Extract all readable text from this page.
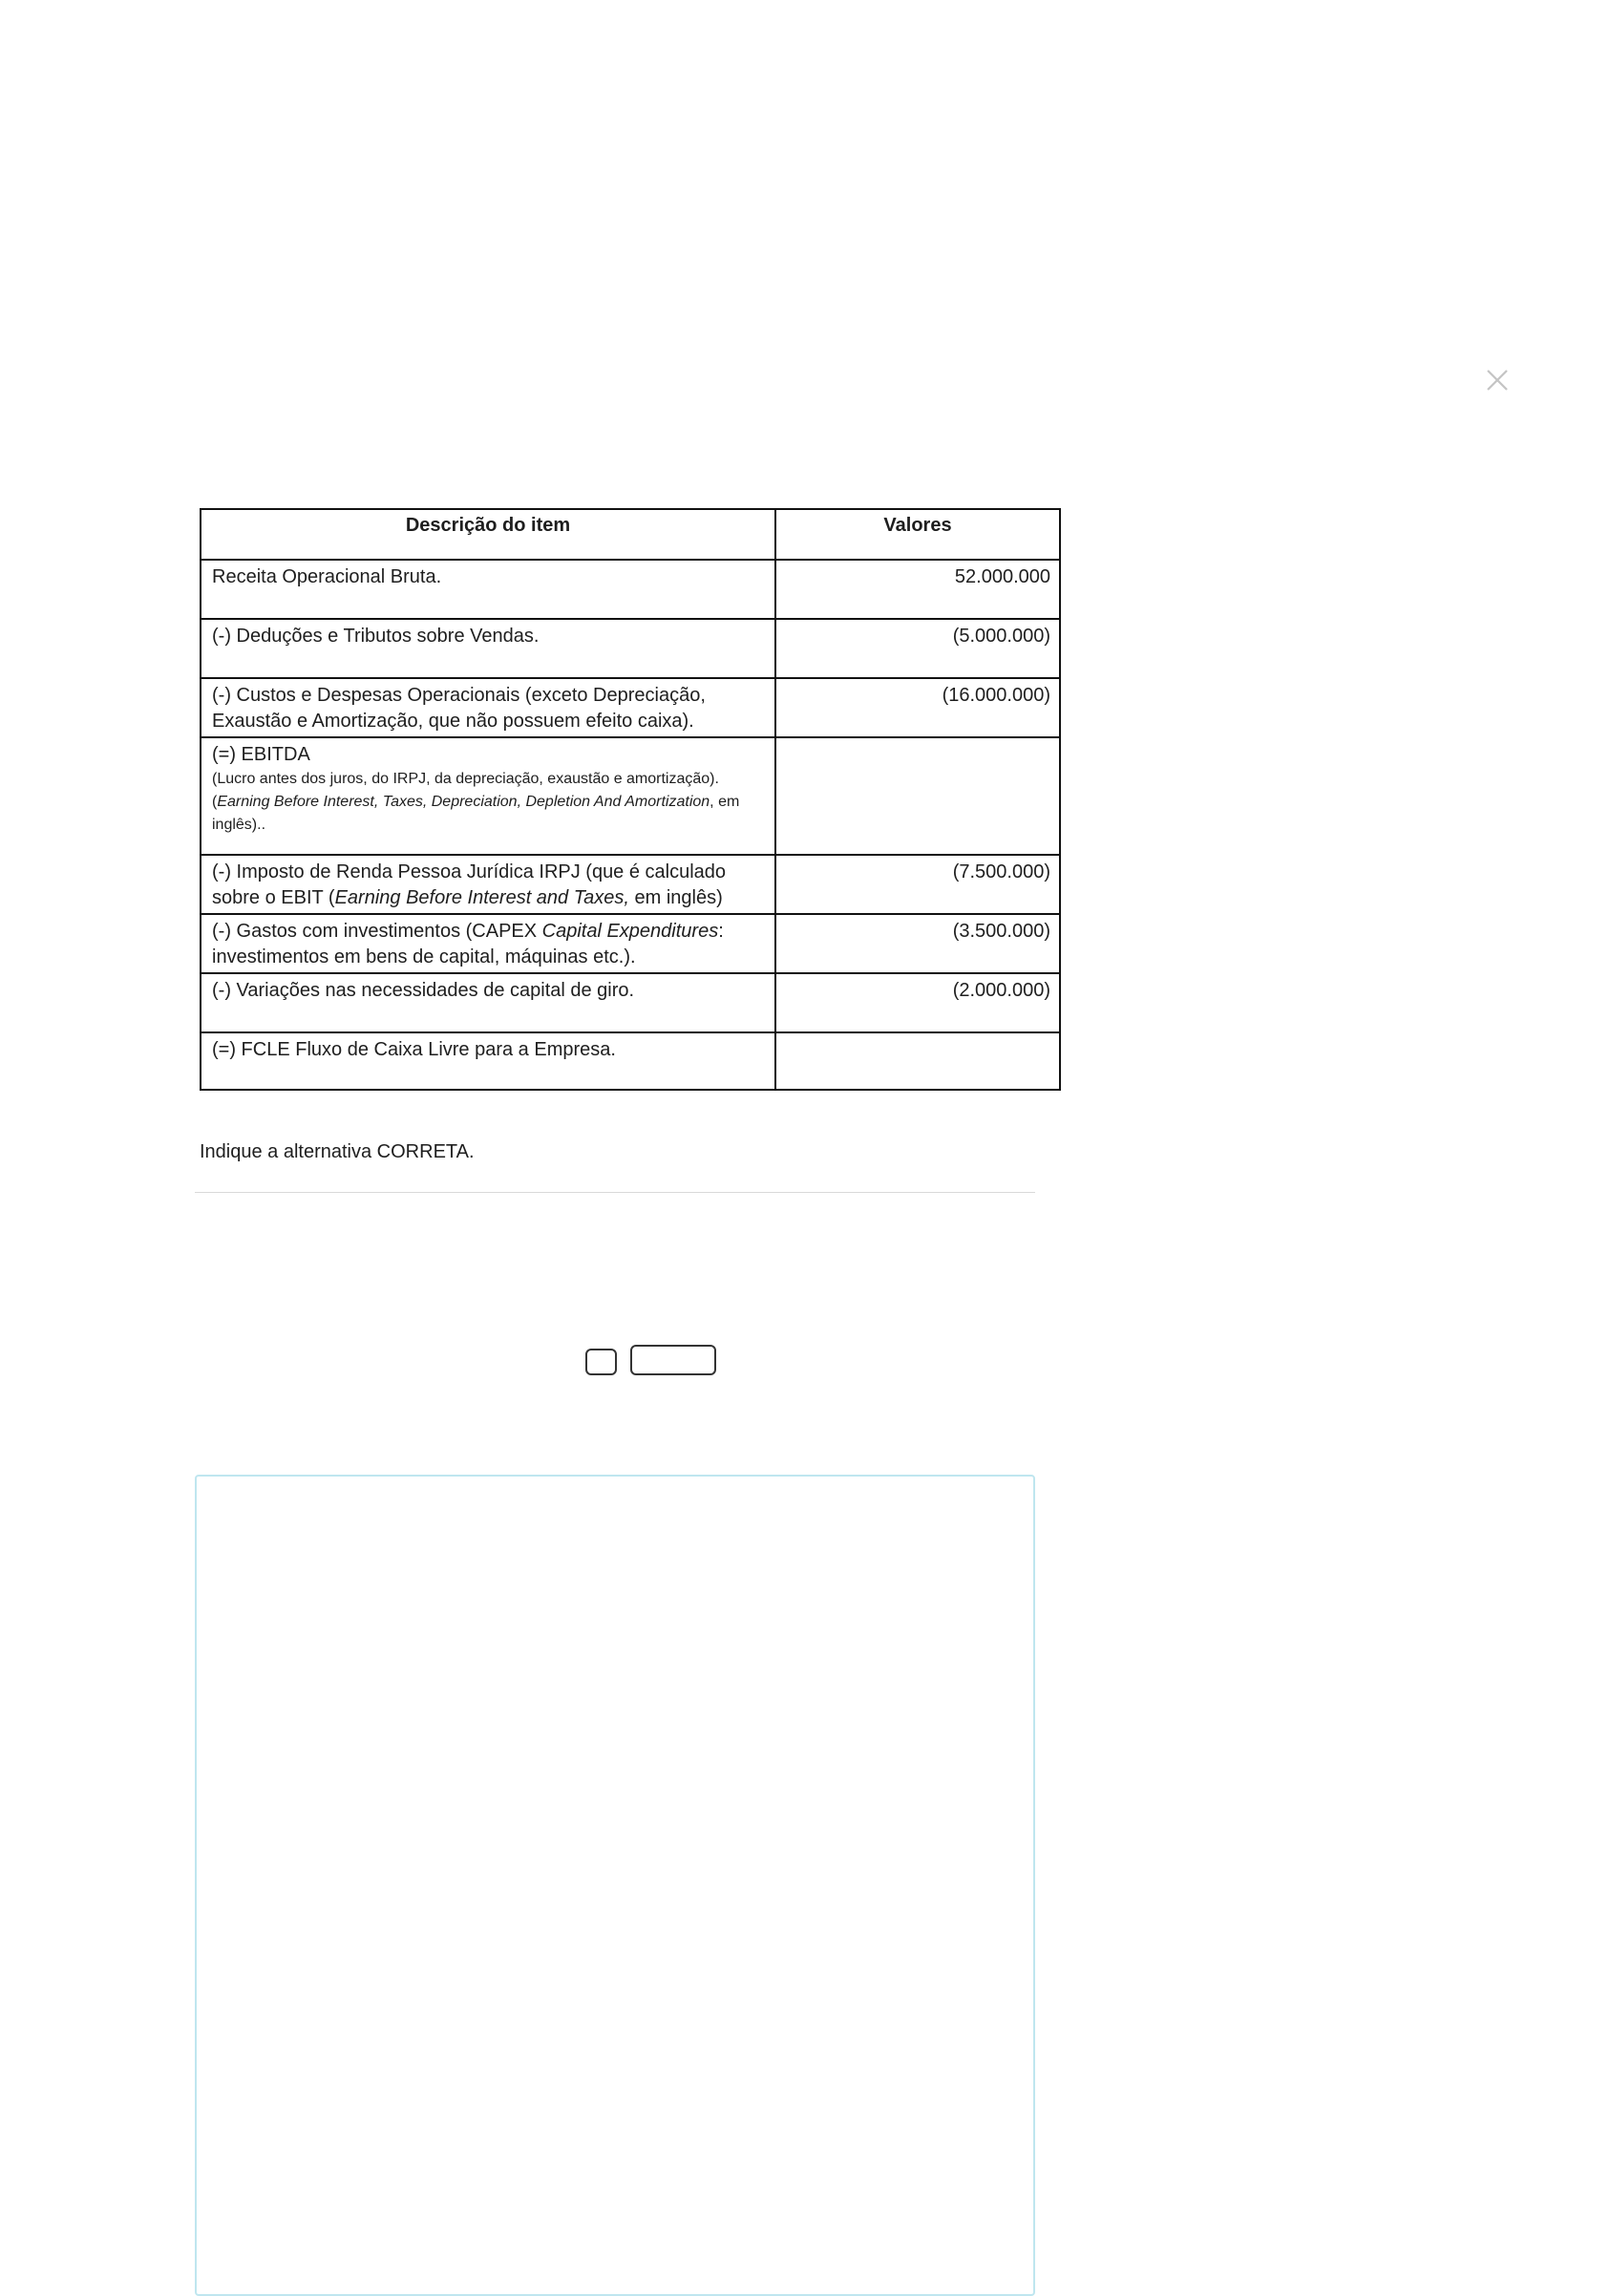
Descrição do item	Valores
Receita Operacional Bruta.	52.000.000
(-) Deduções e Tributos sobre Vendas.	(5.000.000)
(-) Custos e Despesas Operacionais (exceto Depreciação, Exaustão e Amortização, que não possuem efeito caixa).	(16.000.000)

(=) EBITDA
(Lucro antes dos juros, do IRPJ, da depreciação, exaustão e amortização).
(Earning Before Interest, Taxes, Depreciation, Depletion And Amortization, em inglês)..	

(-) Imposto de Renda Pessoa Jurídica IRPJ (que é calculado sobre o EBIT (Earning Before Interest and Taxes, em inglês)	(7.500.000)
(-) Gastos com investimentos (CAPEX Capital Expenditures: investimentos em bens de capital, máquinas etc.).	(3.500.000)
(-) Variações nas necessidades de capital de giro.	(2.000.000)
(=) FCLE Fluxo de Caixa Livre para a Empresa.	

Indique a alternativa CORRETA.
